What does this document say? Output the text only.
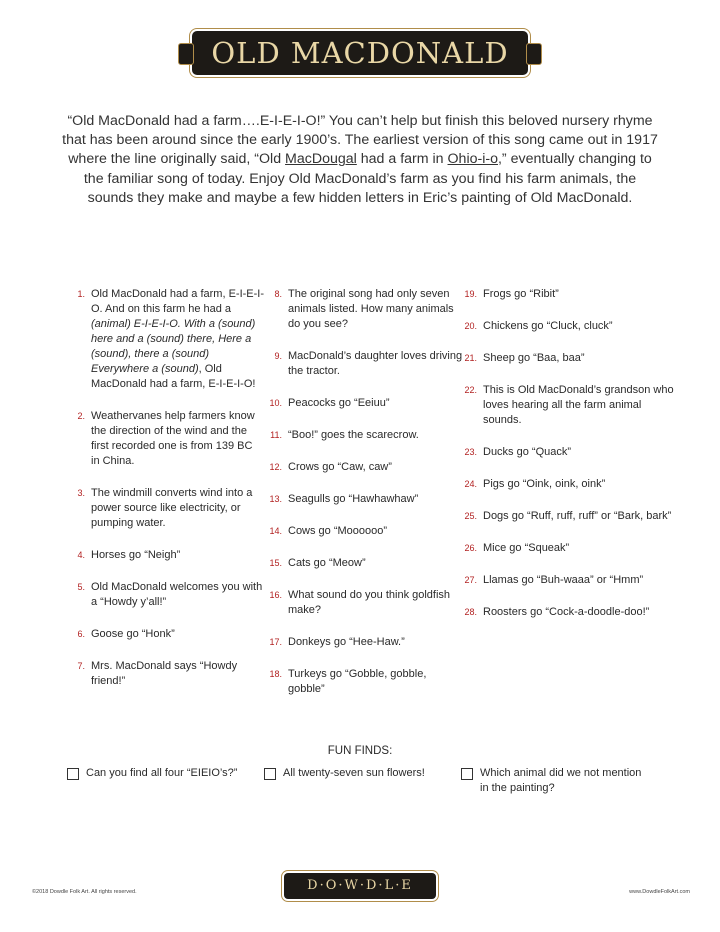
OLD MACDONALD
“Old MacDonald had a farm….E-I-E-I-O!” You can’t help but finish this beloved nursery rhyme that has been around since the early 1900’s. The earliest version of this song came out in 1917 where the line originally said, “Old MacDougal had a farm in Ohio-i-o,” eventually changing to the familiar song of today. Enjoy Old MacDonald’s farm as you find his farm animals, the sounds they make and maybe a few hidden letters in Eric’s painting of Old MacDonald.
1. Old MacDonald had a farm, E-I-E-I-O. And on this farm he had a (animal) E-I-E-I-O. With a (sound) here and a (sound) there, Here a (sound), there a (sound) Everywhere a (sound), Old MacDonald had a farm, E-I-E-I-O!
2. Weathervanes help farmers know the direction of the wind and the first recorded one is from 139 BC in China.
3. The windmill converts wind into a power source like electricity, or pumping water.
4. Horses go “Neigh”
5. Old MacDonald welcomes you with a “Howdy y’all!”
6. Goose go “Honk”
7. Mrs. MacDonald says “Howdy friend!”
8. The original song had only seven animals listed. How many animals do you see?
9. MacDonald’s daughter loves driving the tractor.
10. Peacocks go “Eeiuu”
11. “Boo!” goes the scarecrow.
12. Crows go “Caw, caw”
13. Seagulls go “Hawhawhaw”
14. Cows go “Moooooo”
15. Cats go “Meow”
16. What sound do you think goldfish make?
17. Donkeys go “Hee-Haw.”
18. Turkeys go “Gobble, gobble, gobble”
19. Frogs go “Ribit”
20. Chickens go “Cluck, cluck”
21. Sheep go “Baa, baa”
22. This is Old MacDonald’s grandson who loves hearing all the farm animal sounds.
23. Ducks go “Quack”
24. Pigs go “Oink, oink, oink”
25. Dogs go “Ruff, ruff, ruff” or “Bark, bark”
26. Mice go “Squeak”
27. Llamas go “Buh-waaa” or “Hmm”
28. Roosters go “Cock-a-doodle-doo!”
FUN FINDS:
Can you find all four “EIEIO’s?”	All twenty-seven sun flowers!	Which animal did we not mention in the painting?
©2018 Dowdle Folk Art. All rights reserved.	D·O·W·D·L·E	www.DowdleFolkArt.com
